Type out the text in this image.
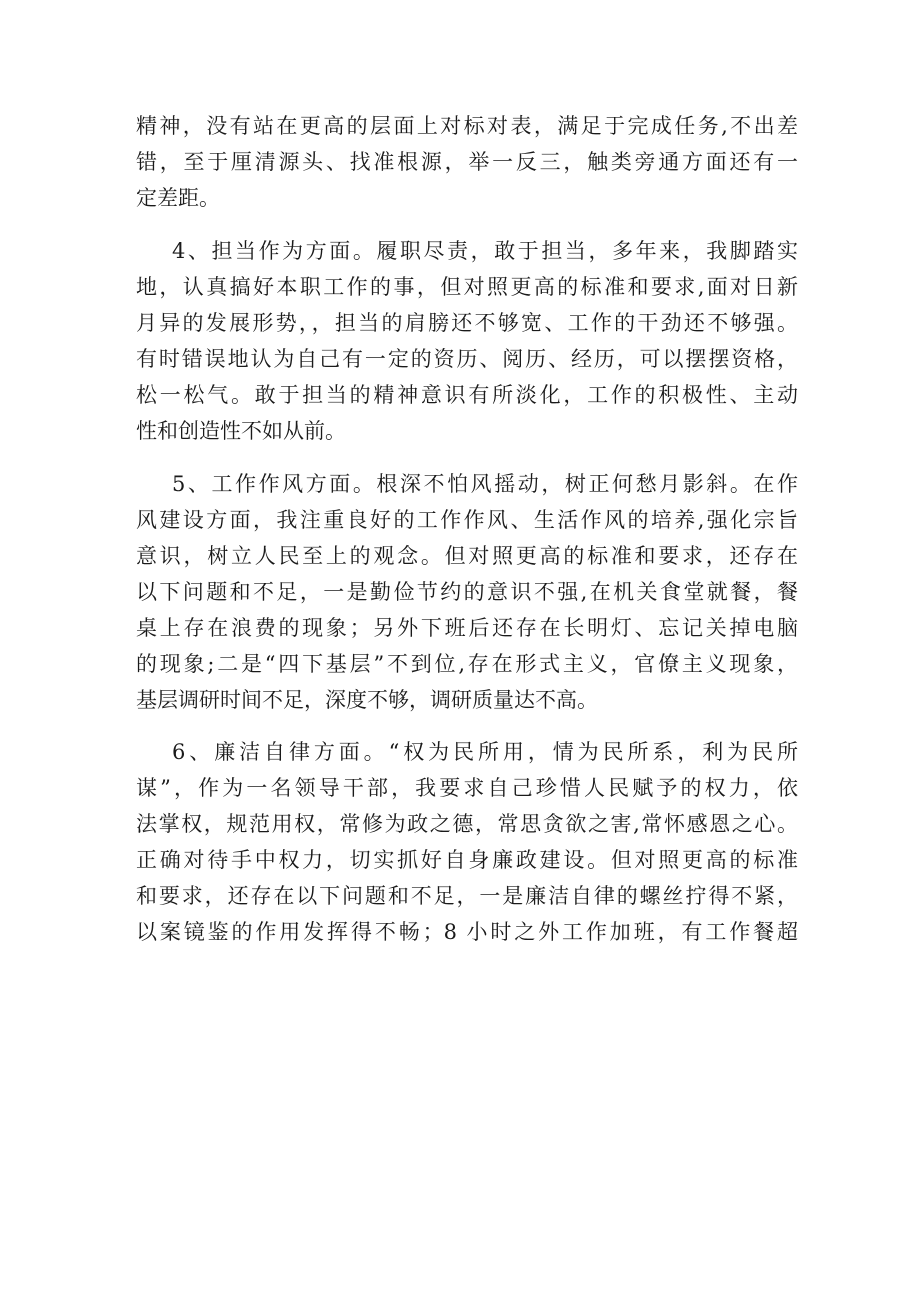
精神，没有站在更高的层面上对标对表，满足于完成任务,不出差
错，至于厘清源头、找准根源，举一反三，触类旁通方面还有一
定差距。
4、担当作为方面。履职尽责，敢于担当，多年来，我脚踏实
地，认真搞好本职工作的事，但对照更高的标准和要求,面对日新
月异的发展形势，，担当的肩膀还不够宽、工作的干劲还不够强。
有时错误地认为自己有一定的资历、阅历、经历，可以摆摆资格，
松一松气。敢于担当的精神意识有所淡化，工作的积极性、主动
性和创造性不如从前。
5、工作作风方面。根深不怕风摇动，树正何愁月影斜。在作
风建设方面，我注重良好的工作作风、生活作风的培养,强化宗旨
意识，树立人民至上的观念。但对照更高的标准和要求，还存在
以下问题和不足，一是勤俭节约的意识不强,在机关食堂就餐，餐
桌上存在浪费的现象；另外下班后还存在长明灯、忘记关掉电脑
的现象;二是“四下基层”不到位,存在形式主义，官僚主义现象，
基层调研时间不足，深度不够，调研质量达不高。
6、廉洁自律方面。“权为民所用，情为民所系，利为民所
谋”，作为一名领导干部，我要求自己珍惜人民赋予的权力，依
法掌权，规范用权，常修为政之德，常思贪欲之害,常怀感恩之心。
正确对待手中权力，切实抓好自身廉政建设。但对照更高的标准
和要求，还存在以下问题和不足，一是廉洁自律的螺丝拧得不紧，
以案镜鉴的作用发挥得不畅；8 小时之外工作加班，有工作餐超
